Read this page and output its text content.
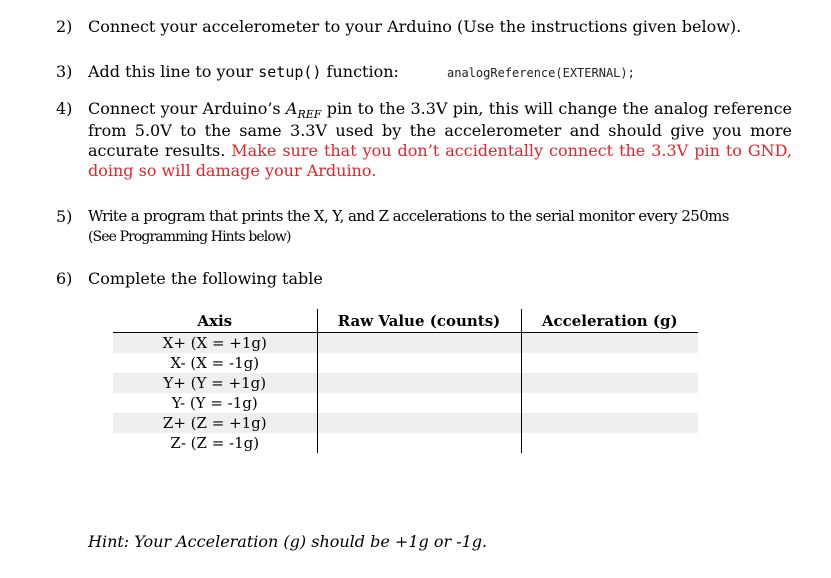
2) Connect your accelerometer to your Arduino (Use the instructions given below).
3) Add this line to your setup() function:	analogReference(EXTERNAL);
4) Connect your Arduino’s $A_{REF}$ pin to the 3.3V pin, this will change the analog reference from 5.0V to the same 3.3V used by the accelerometer and should give you more accurate results. Make sure that you don’t accidentally connect the 3.3V pin to GND, doing so will damage your Arduino.
5)	Write a program that prints the X, Y, and Z accelerations to the serial monitor every 250ms
(See Programming Hints below)
6) Complete the following table
Axis	Raw Value (counts)	Acceleration (g)
X+ (X = +1g)		
X- (X = -1g)		
Y+ (Y = +1g)		
Y- (Y = -1g)		
Z+ (Z = +1g)		
Z- (Z = -1g)		
Hint: Your Acceleration (g) should be +1g or -1g.
